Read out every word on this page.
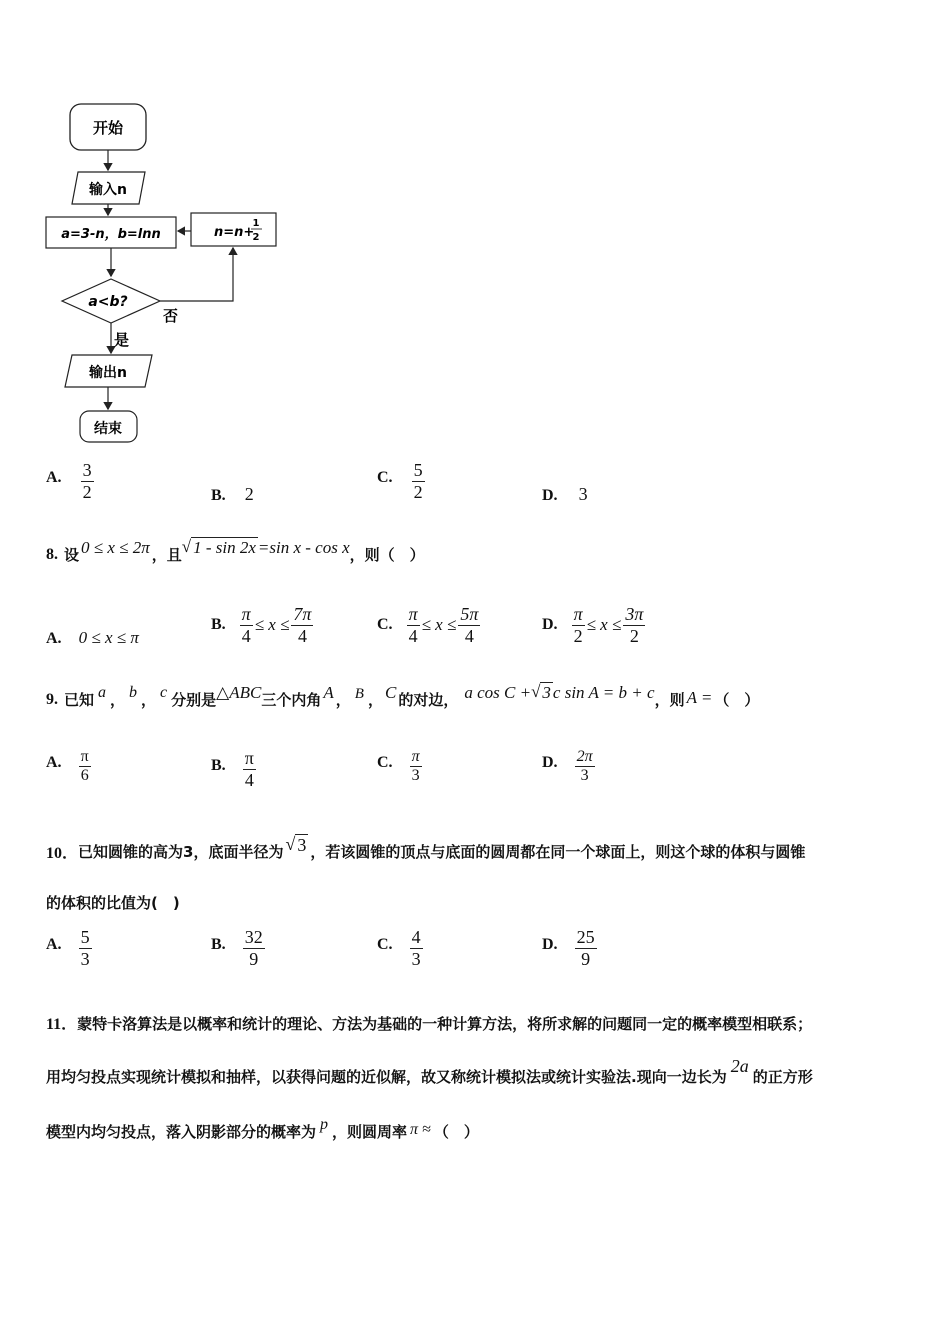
开始
输入n
a=3-n，b=lnn	n=n+
1
2
a<b?
否
是
输出n
结束
A. $\frac{3}{2}$	B. 2
C. $\frac{5}{2}$	D. 3
8. 设 0 ≤ x ≤ 2π ，且 √ 1 - sin 2x =sin x - cos x ，则（　）
A. 0 ≤ x ≤ π
B. $\frac{\pi}{4} \le x \le \frac{7\pi}{4}$	C. $\frac{\pi}{4} \le x \le \frac{5\pi}{4}$	D. $\frac{\pi}{2} \le x \le \frac{3\pi}{2}$
9. 已知 a ， b ， c 分别是 △ABC 三个内角 A ， B ， C 的对边， a cos C + √ 3 c sin A = b + c ，则 A = （　）
A. $\frac{\pi}{6}$	B. $\frac{\pi}{4}$	C. $\frac{\pi}{3}$	D. $\frac{2\pi}{3}$
10． 已知圆锥的高为3，底面半径为 √ 3 ，若该圆锥的顶点与底面的圆周都在同一个球面上，则这个球的体积与圆锥
的体积的比值为(　)
A. $\frac{5}{3}$	B. $\frac{32}{9}$	C. $\frac{4}{3}$	D. $\frac{25}{9}$
11．蒙特卡洛算法是以概率和统计的理论、方法为基础的一种计算方法，将所求解的问题同一定的概率模型相联系；
用均匀投点实现统计模拟和抽样，以获得问题的近似解，故又称统计模拟法或统计实验法.现向一边长为
2a
的正方形
模型内均匀投点，落入阴影部分的概率为 p ，则圆周率 π ≈ （　）
